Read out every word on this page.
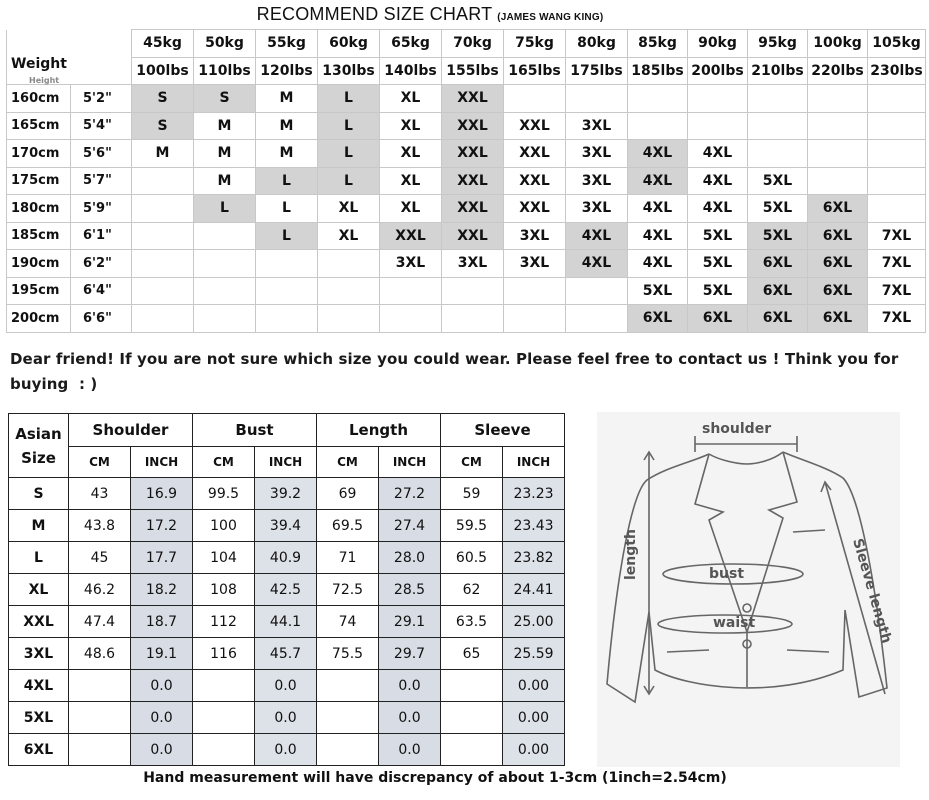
RECOMMEND SIZE CHART (JAMES WANG KING)
Weight
Height		45kg	50kg	55kg	60kg	65kg	70kg	75kg	80kg	85kg	90kg	95kg	100kg	105kg
		100lbs	110lbs	120lbs	130lbs	140lbs	155lbs	165lbs	175lbs	185lbs	200lbs	210lbs	220lbs	230lbs
160cm	5'2"	S	S	M	L	XL	XXL							
165cm	5'4"	S	M	M	L	XL	XXL	XXL	3XL					
170cm	5'6"	M	M	M	L	XL	XXL	XXL	3XL	4XL	4XL			
175cm	5'7"		M	L	L	XL	XXL	XXL	3XL	4XL	4XL	5XL		
180cm	5'9"		L	L	XL	XL	XXL	XXL	3XL	4XL	4XL	5XL	6XL	
185cm	6'1"			L	XL	XXL	XXL	3XL	4XL	4XL	5XL	5XL	6XL	7XL
190cm	6'2"					3XL	3XL	3XL	4XL	4XL	5XL	6XL	6XL	7XL
195cm	6'4"									5XL	5XL	6XL	6XL	7XL
200cm	6'6"									6XL	6XL	6XL	6XL	7XL
Dear friend! If you are not sure which size you could wear. Please feel free to contact us ! Think you for buying  : )
Asian
Size	Shoulder		Bust		Length		Sleeve	
	CM	INCH	CM	INCH	CM	INCH	CM	INCH
S	43	16.9	99.5	39.2	69	27.2	59	23.23
M	43.8	17.2	100	39.4	69.5	27.4	59.5	23.43
L	45	17.7	104	40.9	71	28.0	60.5	23.82
XL	46.2	18.2	108	42.5	72.5	28.5	62	24.41
XXL	47.4	18.7	112	44.1	74	29.1	63.5	25.00
3XL	48.6	19.1	116	45.7	75.5	29.7	65	25.59
4XL		0.0		0.0		0.0		0.00
5XL		0.0		0.0		0.0		0.00
6XL		0.0		0.0		0.0		0.00
shoulder
bust
waist
length	Sleeve length
Hand measurement will have discrepancy of about 1-3cm (1inch=2.54cm)
